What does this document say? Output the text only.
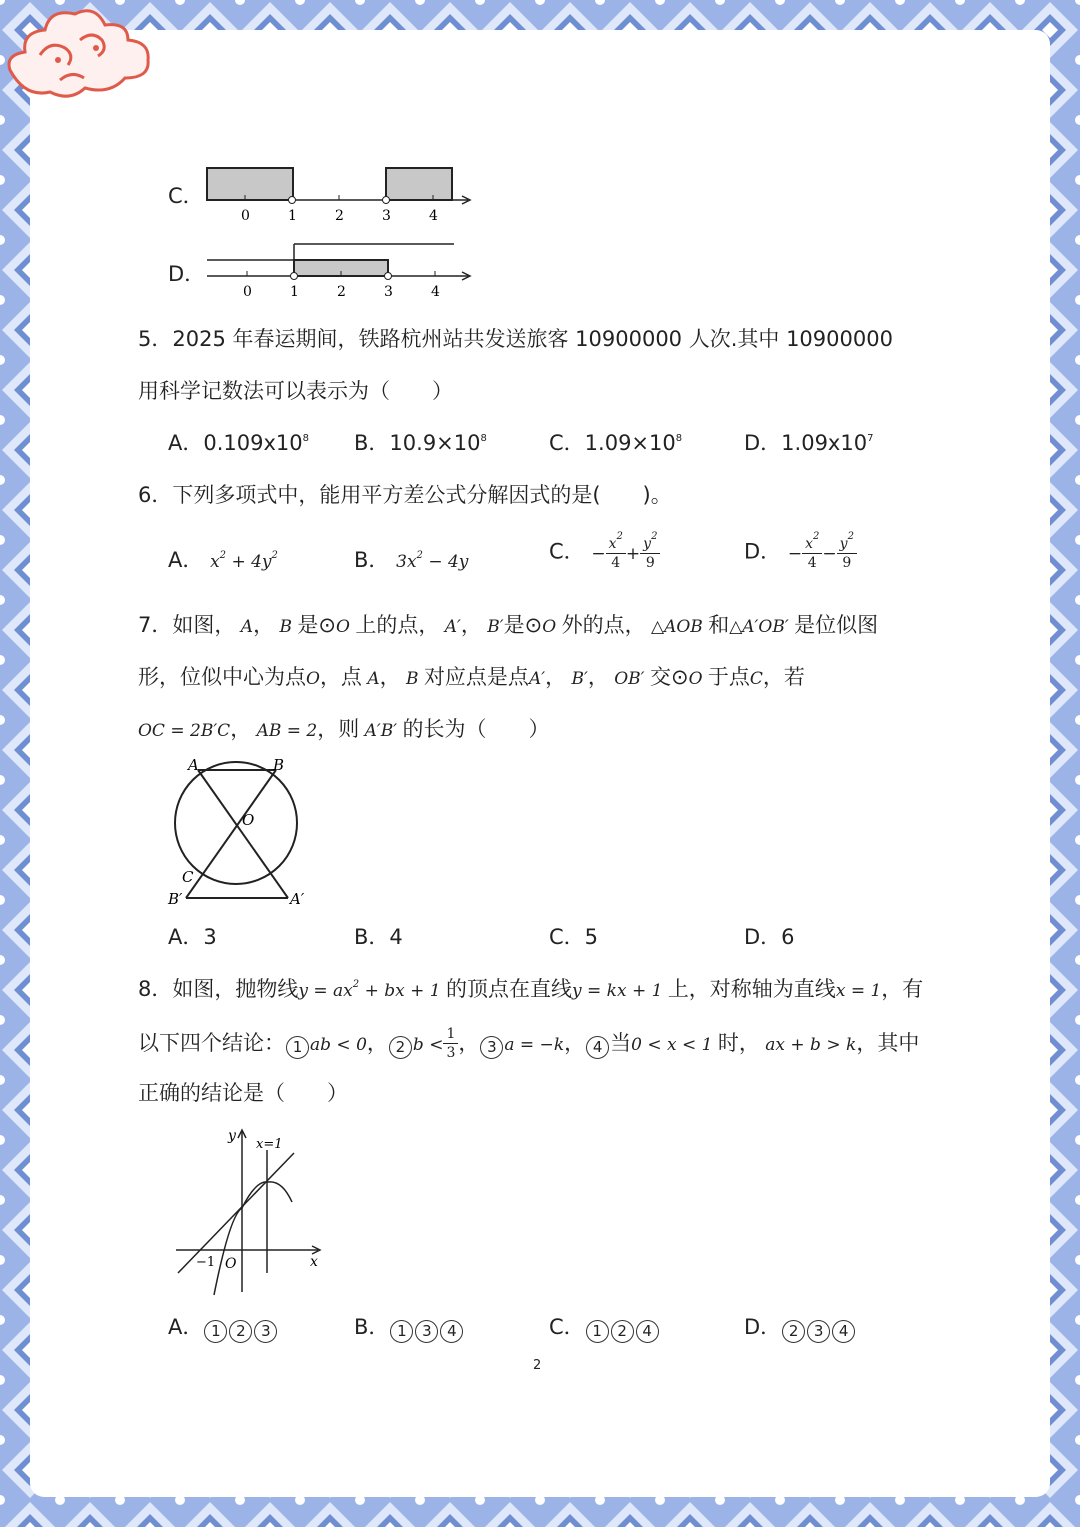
C．
0	1	2	3	4
D．
0	1	2	3	4
5．2025 年春运期间，铁路杭州站共发送旅客 10900000 人次.其中 10900000
用科学记数法可以表示为（　　）
A．$0.109x10^8$ B．$10.9\times 10^8$	C．$1.09\times 10^8$	D．$1.09x10^7$
6．下列多项式中，能用平方差公式分解因式的是(　　)。
A． $x^2 + 4y^2$	B． $3x^2 - 4y$	C． − $\frac{x^2}{4} + \frac{y^2}{9}$	D． − $\frac{x^2}{4} - \frac{y^2}{9}$
7．如图， A， B 是⊙O 上的点， A′， B′是⊙O 外的点， △AOB 和△A′OB′ 是位似图
形，位似中心为点O，点 A， B 对应点是点A′， B′， OB′ 交⊙O 于点C，若
OC = 2B′C， AB = 2，则 A′B′ 的长为（　　）
A	B
O
C
B′	A′
A．3	B．4	C．5	D．6
8．如图，抛物线$y = ax^2$ + bx + 1 的顶点在直线y = kx + 1 上，对称轴为直线x = 1，有
以下四个结论： 1 ab < 0， 2 $b < \frac{1}{3}$ ， 3 a = −k， 4 当0 < x < 1 时， ax + b > k，其中
正确的结论是（　　）
y
x=1
−1 O	x
A． 1 2 3	B． 1 3 4	C． 1 2 4	D． 2 3 4
2
